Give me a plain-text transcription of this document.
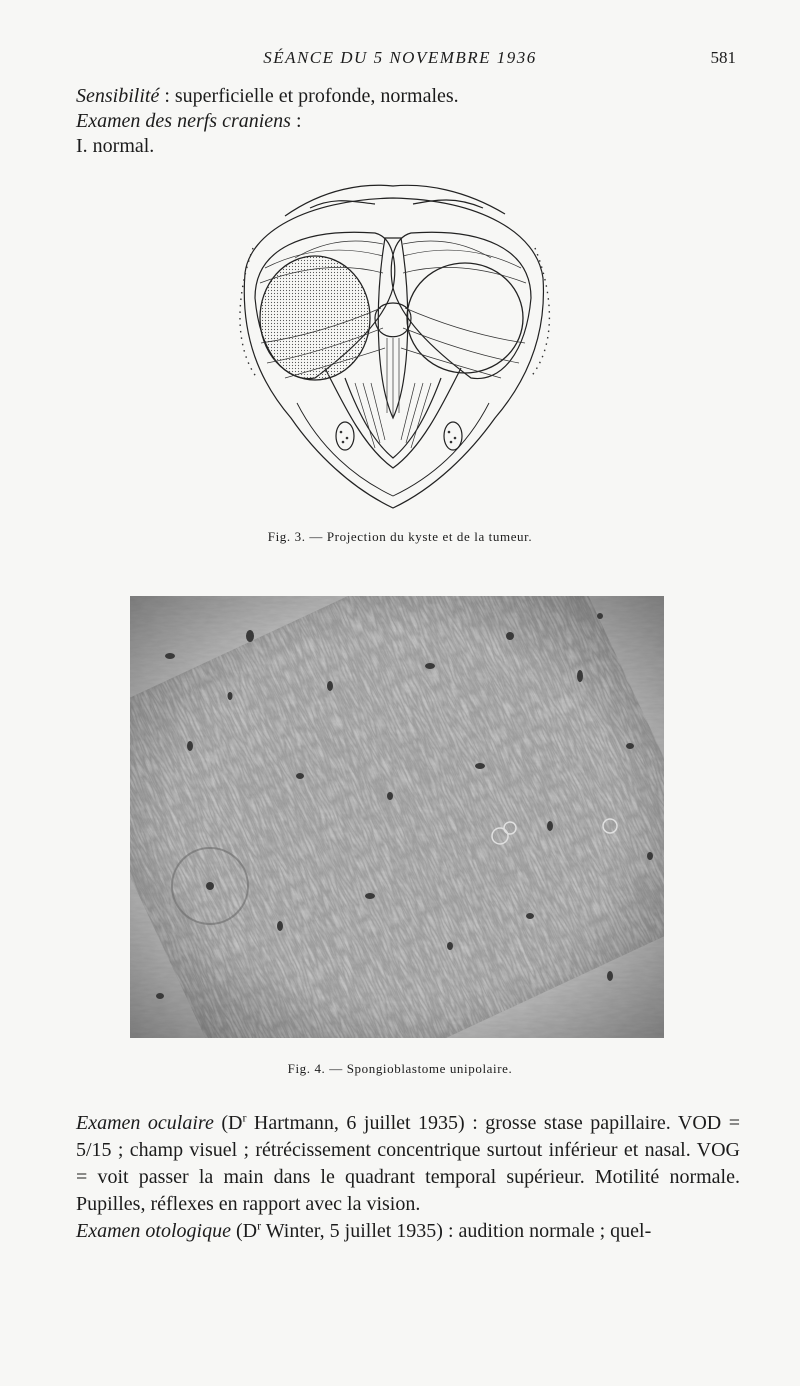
SÉANCE DU 5 NOVEMBRE 1936	581

Sensibilité : superficielle et profonde, normales.

Examen des nerfs craniens :

I. normal.

Fig. 3. — Projection du kyste et de la tumeur.
Fig. 4. — Spongioblastome unipolaire.

Examen oculaire ($D^r$ Hartmann, 6 juillet 1935) : grosse stase papillaire. VOD = 5/15 ; champ visuel ; rétrécissement concentrique surtout inférieur et nasal. VOG = voit passer la main dans le quadrant temporal supérieur. Motilité normale. Pupilles, réflexes en rapport avec la vision.

Examen otologique ($D^r$ Winter, 5 juillet 1935) : audition normale ; quel-
